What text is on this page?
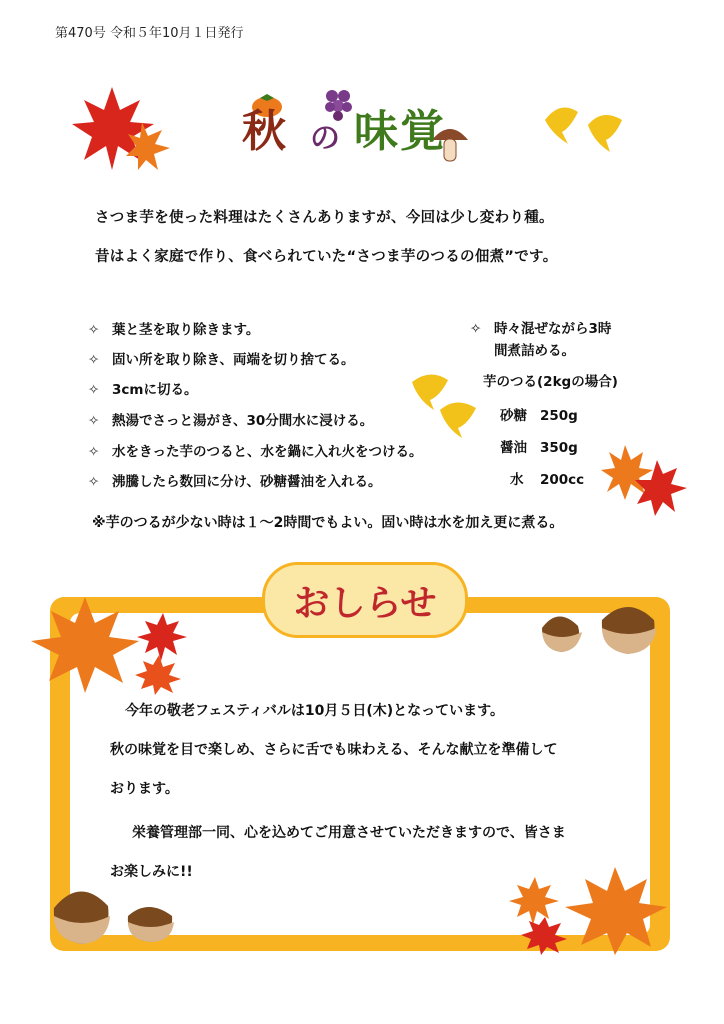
第470号 令和５年10月１日発行
秋 の 味 覚
さつま芋を使った料理はたくさんありますが、今回は少し変わり種。
昔はよく家庭で作り、食べられていた“さつま芋のつるの佃煮”です。
✧ 葉と茎を取り除きます。
✧ 固い所を取り除き、両端を切り捨てる。
✧ 3cmに切る。
✧ 熱湯でさっと湯がき、30分間水に浸ける。
✧ 水をきった芋のつると、水を鍋に入れ火をつける。
✧ 沸騰したら数回に分け、砂糖醤油を入れる。
✧ 時々混ぜながら3時
間煮詰める。
芋のつる(2kgの場合)
砂糖 250g
醤油 350g
水 200cc
※芋のつるが少ない時は１〜2時間でもよい。固い時は水を加え更に煮る。
おしらせ
今年の敬老フェスティバルは10月５日(木)となっています。
秋の味覚を目で楽しめ、さらに舌でも味わえる、そんな献立を準備して
おります。
栄養管理部一同、心を込めてご用意させていただきますので、皆さま
お楽しみに!!
